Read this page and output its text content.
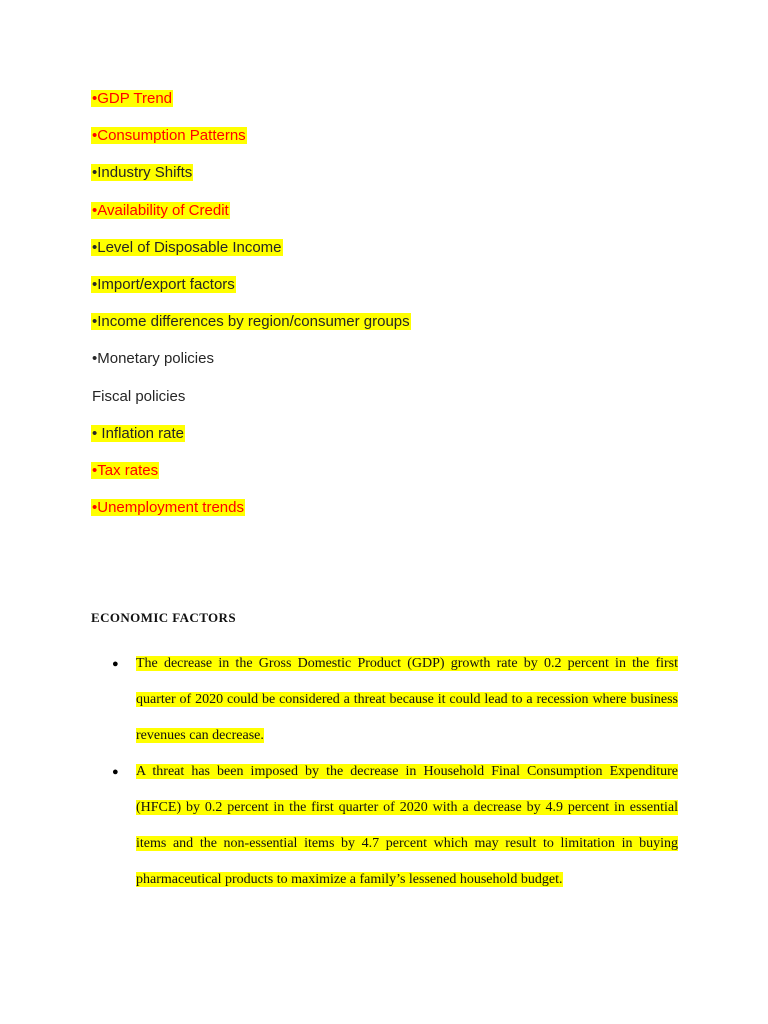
•GDP Trend
•Consumption Patterns
•Industry Shifts
•Availability of Credit
•Level of Disposable Income
•Import/export factors
•Income differences by region/consumer groups
•Monetary policies
Fiscal policies
• Inflation rate
•Tax rates
•Unemployment trends
ECONOMIC FACTORS
● The decrease in the Gross Domestic Product (GDP) growth rate by 0.2 percent in the first quarter of 2020 could be considered a threat because it could lead to a recession where business revenues can decrease.
● A threat has been imposed by the decrease in Household Final Consumption Expenditure (HFCE) by 0.2 percent in the first quarter of 2020 with a decrease by 4.9 percent in essential items and the non-essential items by 4.7 percent which may result to limitation in buying pharmaceutical products to maximize a family’s lessened household budget.
